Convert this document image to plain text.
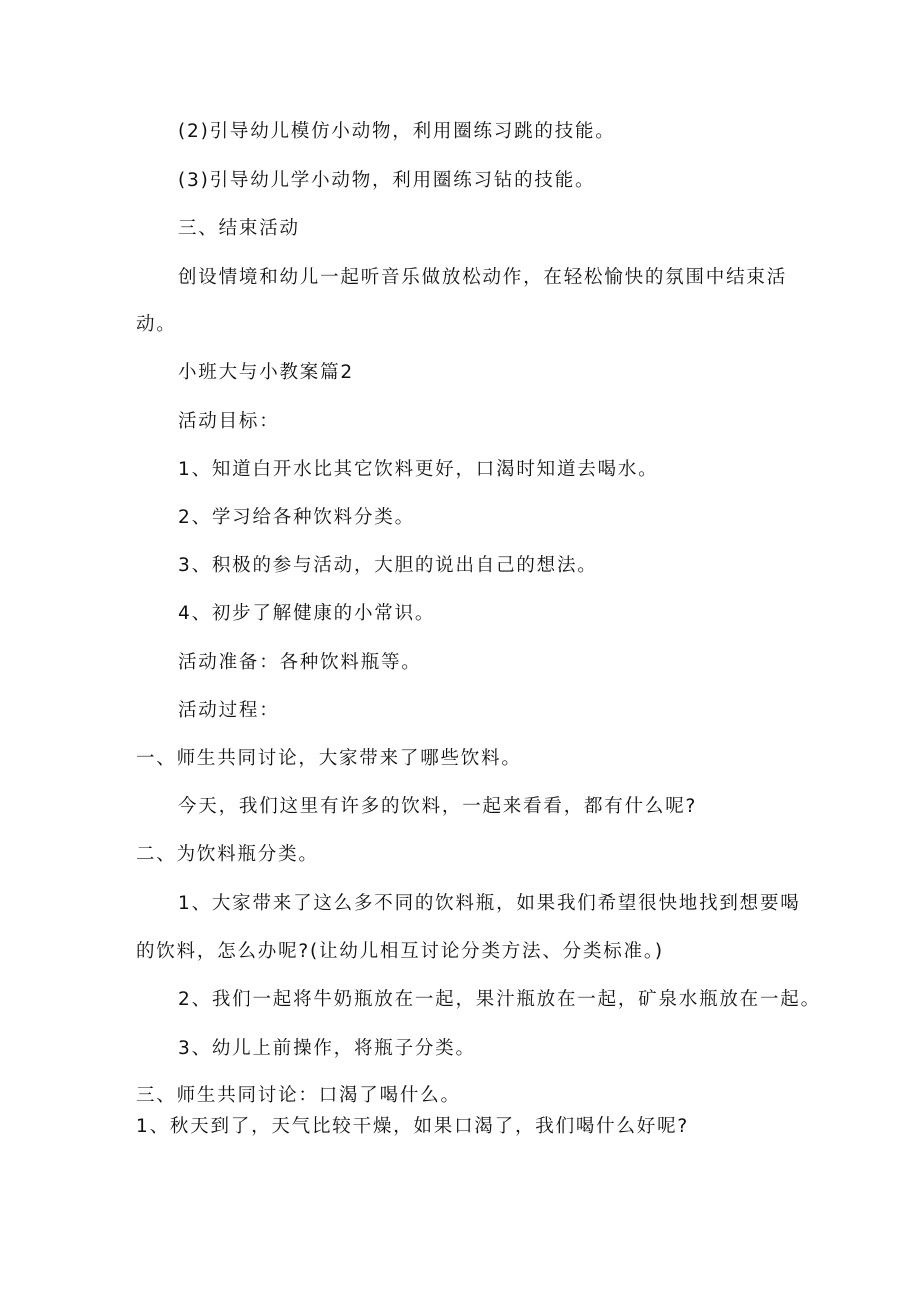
(2)引导幼儿模仿小动物，利用圈练习跳的技能。
(3)引导幼儿学小动物，利用圈练习钻的技能。
三、结束活动
创设情境和幼儿一起听音乐做放松动作，在轻松愉快的氛围中结束活
动。
小班大与小教案篇2
活动目标：
1、知道白开水比其它饮料更好，口渴时知道去喝水。
2、学习给各种饮料分类。
3、积极的参与活动，大胆的说出自己的想法。
4、初步了解健康的小常识。
活动准备：各种饮料瓶等。
活动过程：
一、师生共同讨论，大家带来了哪些饮料。
今天，我们这里有许多的饮料，一起来看看，都有什么呢?
二、为饮料瓶分类。
1、大家带来了这么多不同的饮料瓶，如果我们希望很快地找到想要喝
的饮料，怎么办呢?(让幼儿相互讨论分类方法、分类标准。)
2、我们一起将牛奶瓶放在一起，果汁瓶放在一起，矿泉水瓶放在一起。
3、幼儿上前操作，将瓶子分类。
三、师生共同讨论：口渴了喝什么。
1、秋天到了，天气比较干燥，如果口渴了，我们喝什么好呢?
